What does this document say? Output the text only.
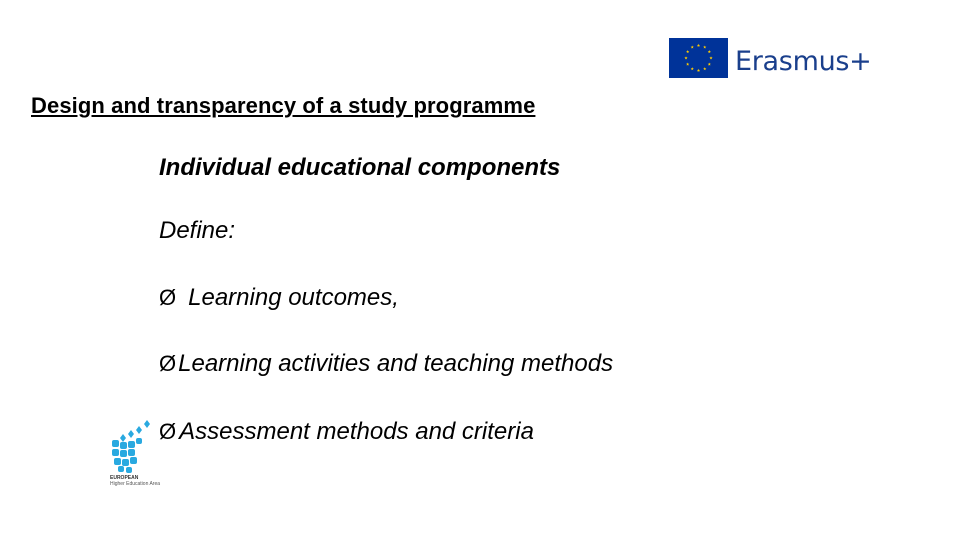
Erasmus+
Design and transparency of a study programme
Individual educational components
Define:
Ø Learning outcomes,
Ø Learning activities and teaching methods
Ø Assessment methods and criteria
EUROPEAN
Higher Education Area
